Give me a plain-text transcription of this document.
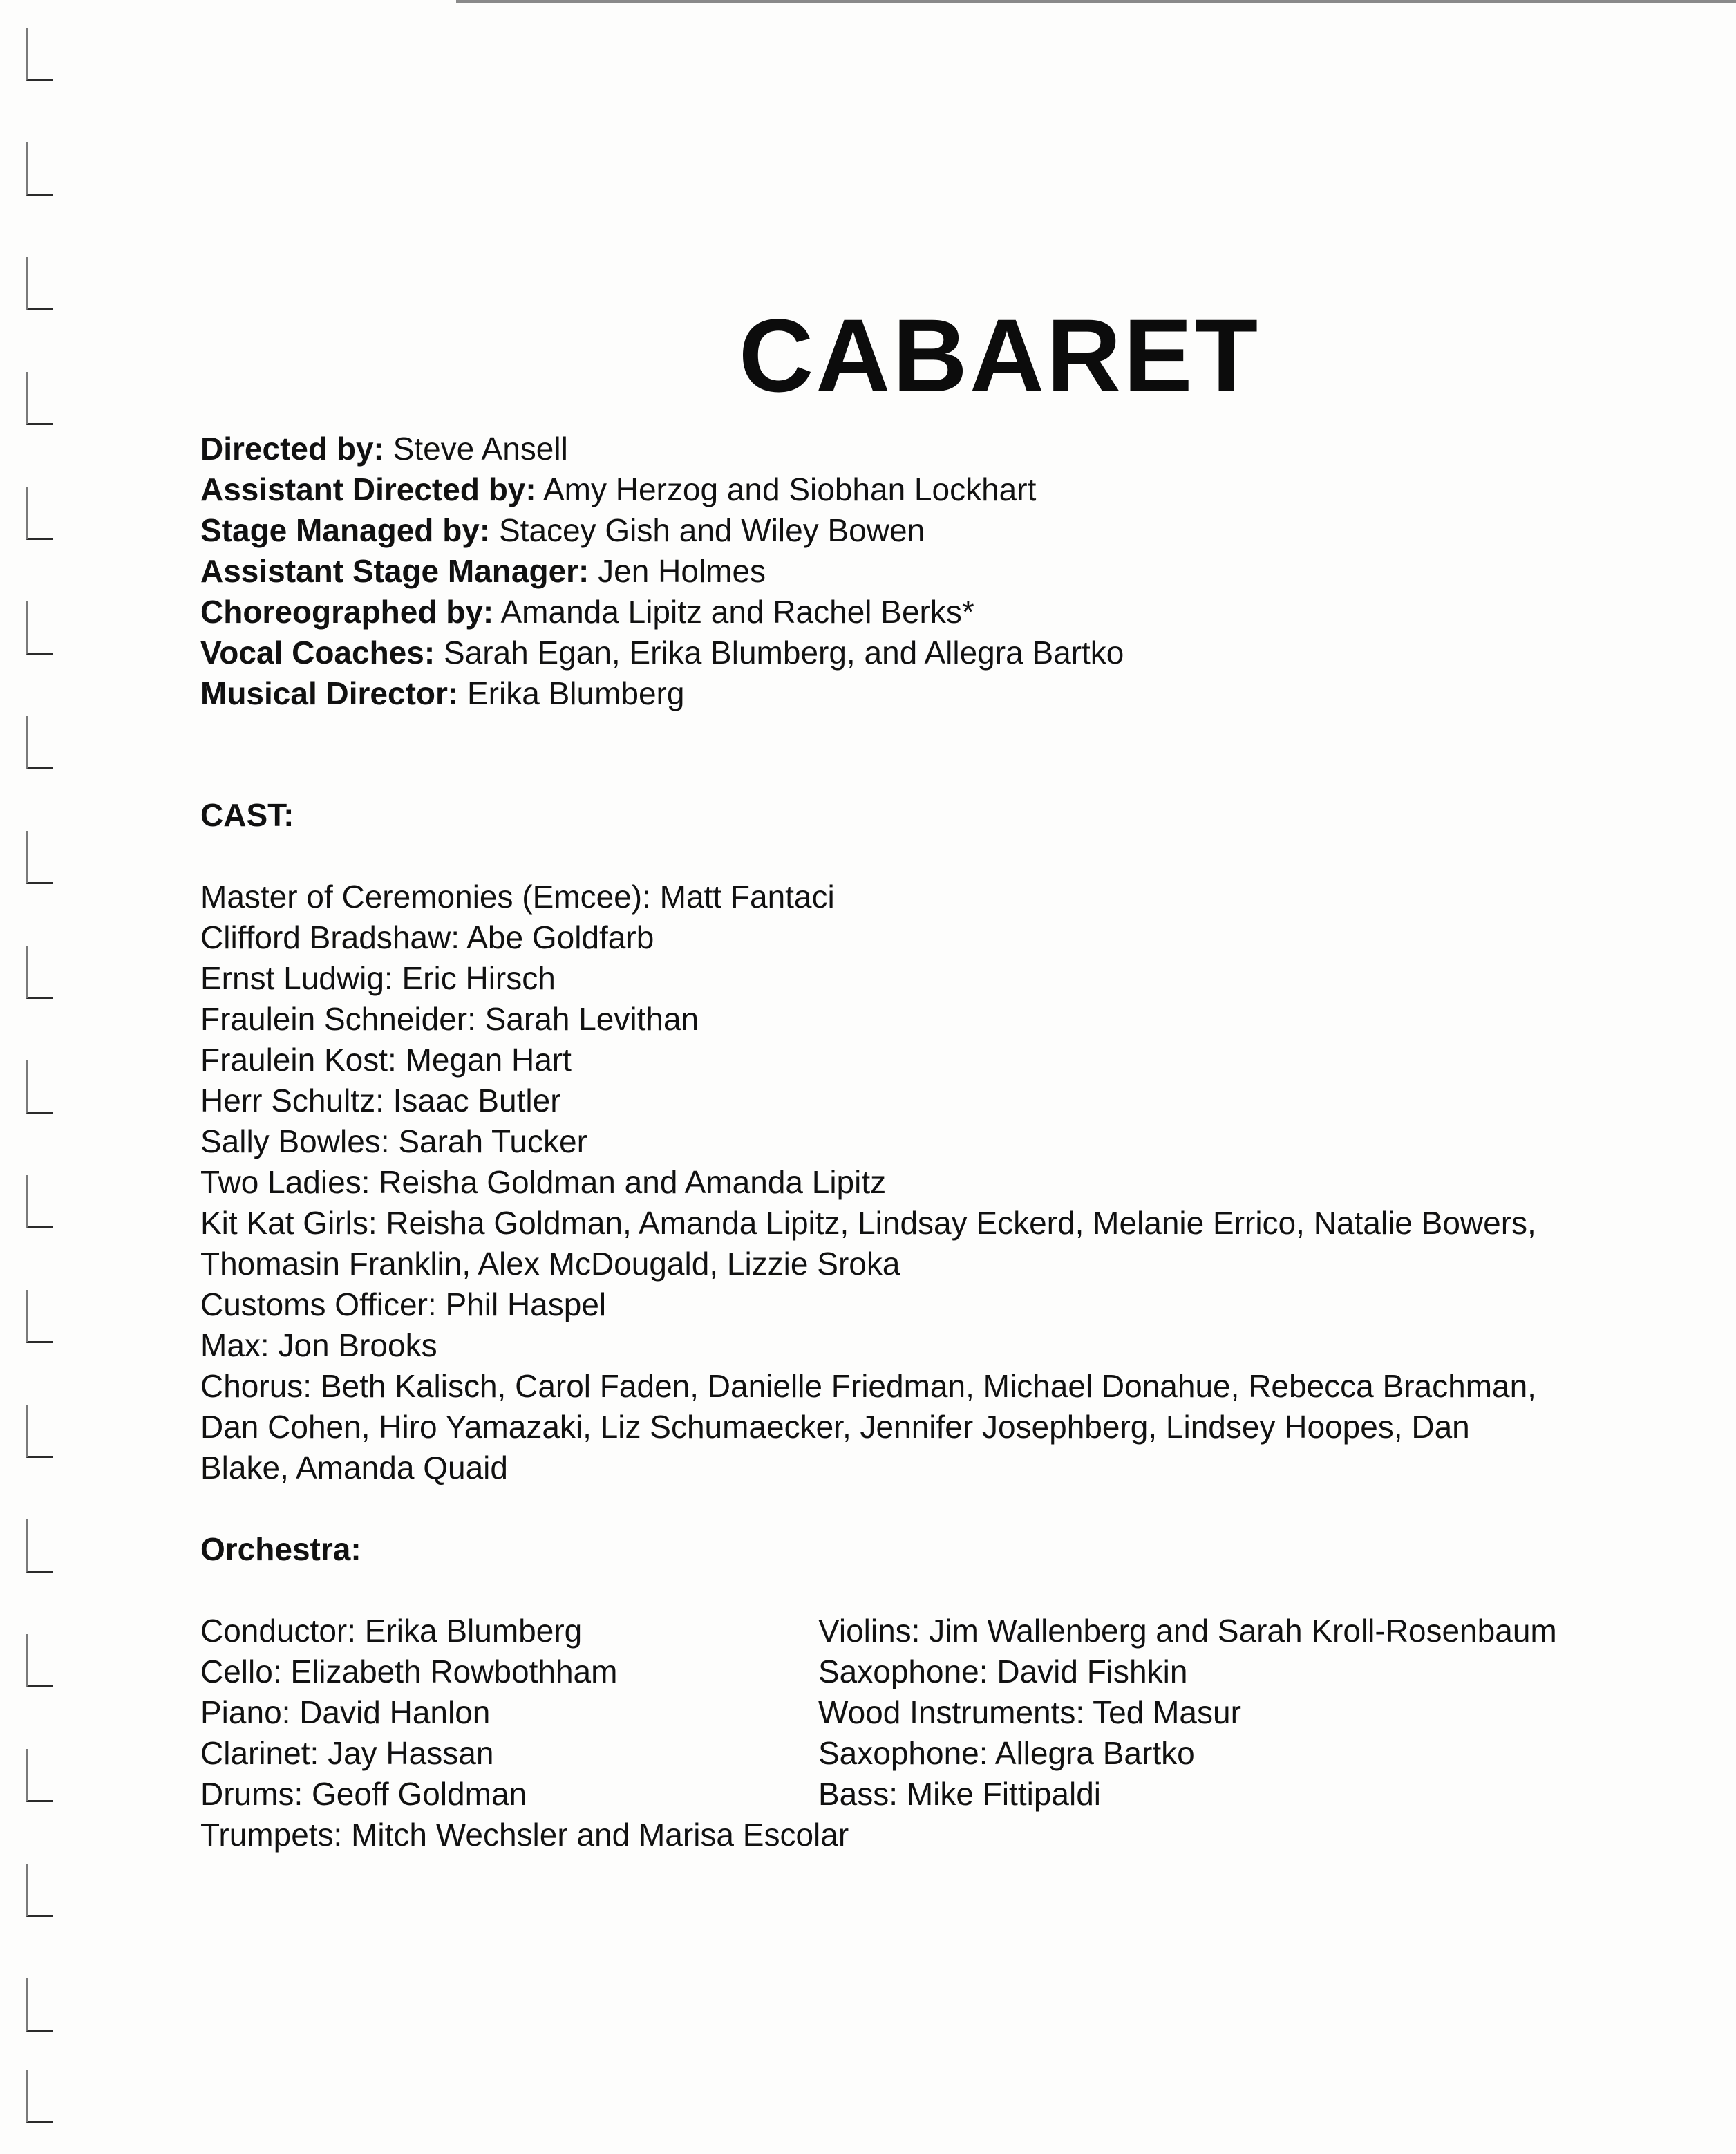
CABARET
Directed by: Steve Ansell
Assistant Directed by: Amy Herzog and Siobhan Lockhart
Stage Managed by: Stacey Gish and Wiley Bowen
Assistant Stage Manager: Jen Holmes
Choreographed by: Amanda Lipitz and Rachel Berks*
Vocal Coaches: Sarah Egan, Erika Blumberg, and Allegra Bartko
Musical Director: Erika Blumberg
CAST:
Master of Ceremonies (Emcee): Matt Fantaci
Clifford Bradshaw: Abe Goldfarb
Ernst Ludwig: Eric Hirsch
Fraulein Schneider: Sarah Levithan
Fraulein Kost: Megan Hart
Herr Schultz: Isaac Butler
Sally Bowles: Sarah Tucker
Two Ladies: Reisha Goldman and Amanda Lipitz
Kit Kat Girls: Reisha Goldman, Amanda Lipitz, Lindsay Eckerd, Melanie Errico, Natalie Bowers,
Thomasin Franklin, Alex McDougald, Lizzie Sroka
Customs Officer: Phil Haspel
Max: Jon Brooks
Chorus: Beth Kalisch, Carol Faden, Danielle Friedman, Michael Donahue, Rebecca Brachman,
Dan Cohen, Hiro Yamazaki, Liz Schumaecker, Jennifer Josephberg, Lindsey Hoopes, Dan
Blake, Amanda Quaid
Orchestra:
Conductor: Erika Blumberg	Violins: Jim Wallenberg and Sarah Kroll-Rosenbaum
Cello: Elizabeth Rowbothham	Saxophone: David Fishkin
Piano: David Hanlon	Wood Instruments: Ted Masur
Clarinet: Jay Hassan	Saxophone: Allegra Bartko
Drums: Geoff Goldman	Bass: Mike Fittipaldi
Trumpets: Mitch Wechsler and Marisa Escolar
